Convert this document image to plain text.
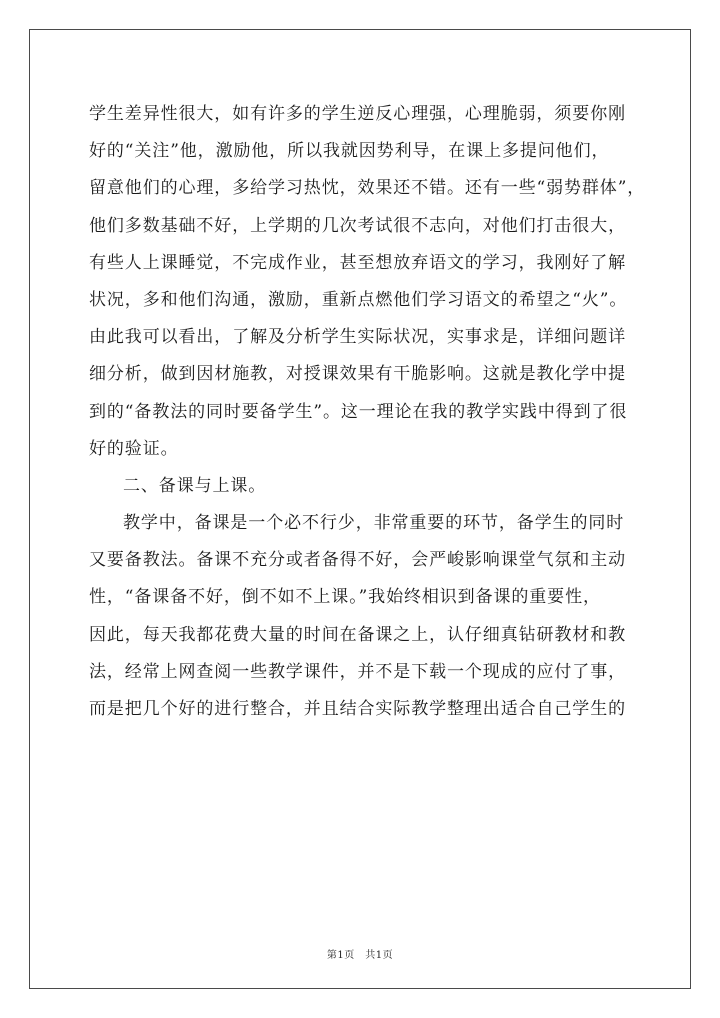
学生差异性很大，如有许多的学生逆反心理强，心理脆弱，须要你刚
好的“关注”他，激励他，所以我就因势利导，在课上多提问他们，
留意他们的心理，多给学习热忱，效果还不错。还有一些“弱势群体”，
他们多数基础不好，上学期的几次考试很不志向，对他们打击很大，
有些人上课睡觉，不完成作业，甚至想放弃语文的学习，我刚好了解
状况，多和他们沟通，激励，重新点燃他们学习语文的希望之“火”。
由此我可以看出，了解及分析学生实际状况，实事求是，详细问题详
细分析，做到因材施教，对授课效果有干脆影响。这就是教化学中提
到的“备教法的同时要备学生”。这一理论在我的教学实践中得到了很
好的验证。
二、备课与上课。
教学中，备课是一个必不行少，非常重要的环节，备学生的同时
又要备教法。备课不充分或者备得不好，会严峻影响课堂气氛和主动
性，“备课备不好，倒不如不上课。”我始终相识到备课的重要性，
因此，每天我都花费大量的时间在备课之上，认仔细真钻研教材和教
法，经常上网查阅一些教学课件，并不是下载一个现成的应付了事，
而是把几个好的进行整合，并且结合实际教学整理出适合自己学生的
第1页　共1页
